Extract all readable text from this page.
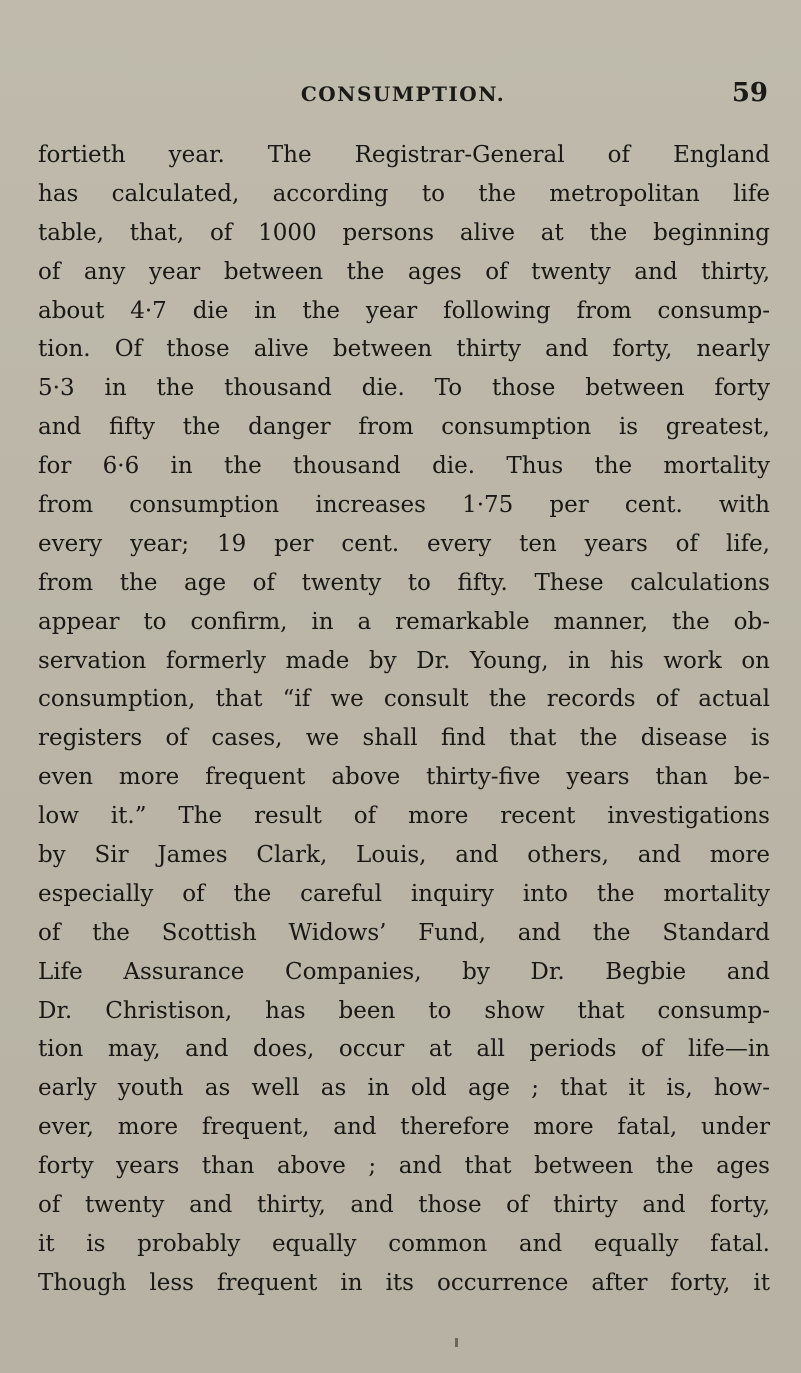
CONSUMPTION.	59
fortieth year. The Registrar-General of England
has calculated, according to the metropolitan life
table, that, of 1000 persons alive at the beginning
of any year between the ages of twenty and thirty,
about 4·7 die in the year following from consump-
tion. Of those alive between thirty and forty, nearly
5·3 in the thousand die. To those between forty
and fifty the danger from consumption is greatest,
for 6·6 in the thousand die. Thus the mortality
from consumption increases 1·75 per cent. with
every year; 19 per cent. every ten years of life,
from the age of twenty to fifty. These calculations
appear to confirm, in a remarkable manner, the ob-
servation formerly made by Dr. Young, in his work on
consumption, that “if we consult the records of actual
registers of cases, we shall find that the disease is
even more frequent above thirty-five years than be-
low it.” The result of more recent investigations
by Sir James Clark, Louis, and others, and more
especially of the careful inquiry into the mortality
of the Scottish Widows’ Fund, and the Standard
Life Assurance Companies, by Dr. Begbie and
Dr. Christison, has been to show that consump-
tion may, and does, occur at all periods of life—in
early youth as well as in old age ; that it is, how-
ever, more frequent, and therefore more fatal, under
forty years than above ; and that between the ages
of twenty and thirty, and those of thirty and forty,
it is probably equally common and equally fatal.
Though less frequent in its occurrence after forty, it
